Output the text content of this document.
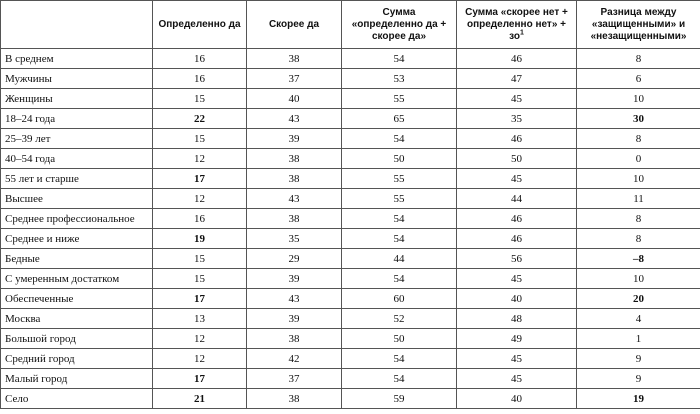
	Определенно да	Скорее да	Сумма «определенно да + скорее да»	Сумма «скорее нет + определенно нет» + $зо^1$	Разница между «защищенными» и «незащищенными»
В среднем	16	38	54	46	8
Мужчины	16	37	53	47	6
Женщины	15	40	55	45	10
18–24 года	22	43	65	35	30
25–39 лет	15	39	54	46	8
40–54 года	12	38	50	50	0
55 лет и старше	17	38	55	45	10
Высшее	12	43	55	44	11
Среднее профессиональное	16	38	54	46	8
Среднее и ниже	19	35	54	46	8
Бедные	15	29	44	56	–8
С умеренным достатком	15	39	54	45	10
Обеспеченные	17	43	60	40	20
Москва	13	39	52	48	4
Большой город	12	38	50	49	1
Средний город	12	42	54	45	9
Малый город	17	37	54	45	9
Село	21	38	59	40	19
